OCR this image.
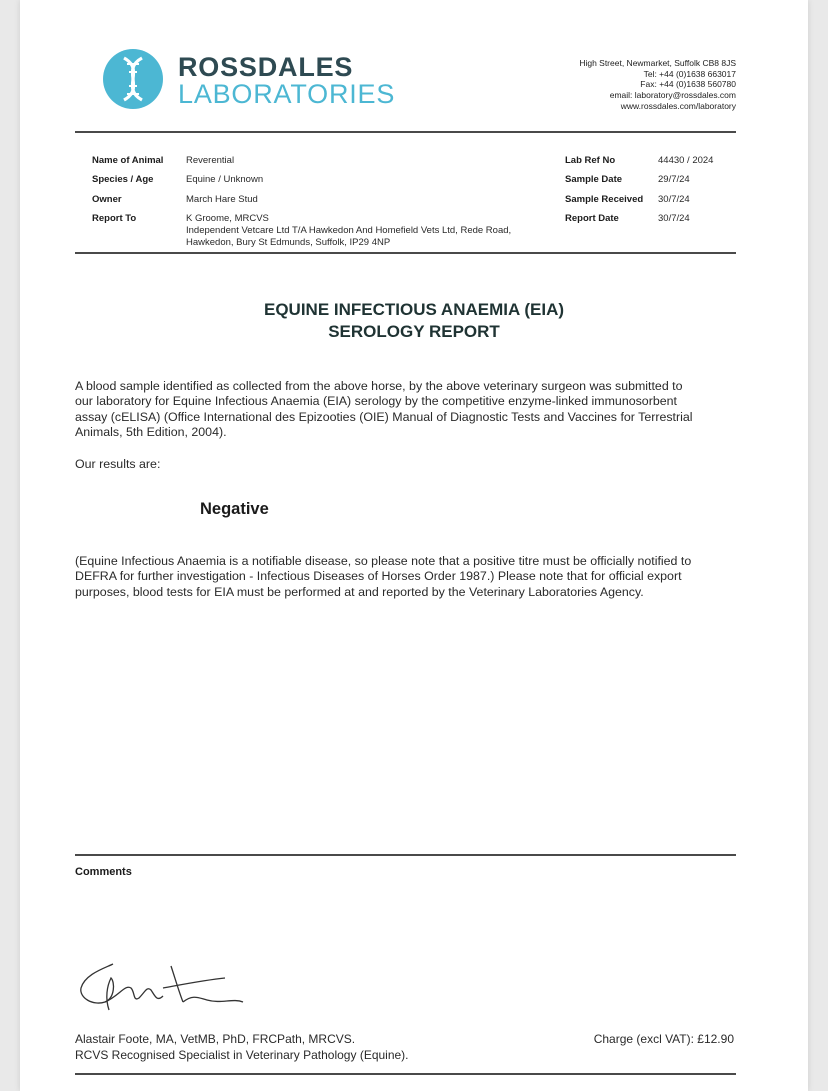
ROSSDALES
LABORATORIES
High Street, Newmarket, Suffolk CB8 8JS
Tel: +44 (0)1638 663017
Fax: +44 (0)1638 560780
email: laboratory@rossdales.com
www.rossdales.com/laboratory
Name of Animal Reverential
Species / Age	Equine / Unknown
Owner	March Hare Stud
Report To	K Groome, MRCVS
Independent Vetcare Ltd T/A Hawkedon And Homefield Vets Ltd, Rede Road,
Hawkedon, Bury St Edmunds, Suffolk, IP29 4NP
Lab Ref No	44430 / 2024
Sample Date	29/7/24
Sample Received 30/7/24
Report Date	30/7/24
EQUINE INFECTIOUS ANAEMIA (EIA)
SEROLOGY REPORT
A blood sample identified as collected from the above horse, by the above veterinary surgeon was submitted to
our laboratory for Equine Infectious Anaemia (EIA) serology by the competitive enzyme-linked immunosorbent
assay (cELISA) (Office International des Epizooties (OIE) Manual of Diagnostic Tests and Vaccines for Terrestrial
Animals, 5th Edition, 2004).
Our results are:
Negative
(Equine Infectious Anaemia is a notifiable disease, so please note that a positive titre must be officially notified to
DEFRA for further investigation - Infectious Diseases of Horses Order 1987.) Please note that for official export
purposes, blood tests for EIA must be performed at and reported by the Veterinary Laboratories Agency.
Comments
Alastair Foote, MA, VetMB, PhD, FRCPath, MRCVS.
RCVS Recognised Specialist in Veterinary Pathology (Equine).
Charge (excl VAT): £12.90
